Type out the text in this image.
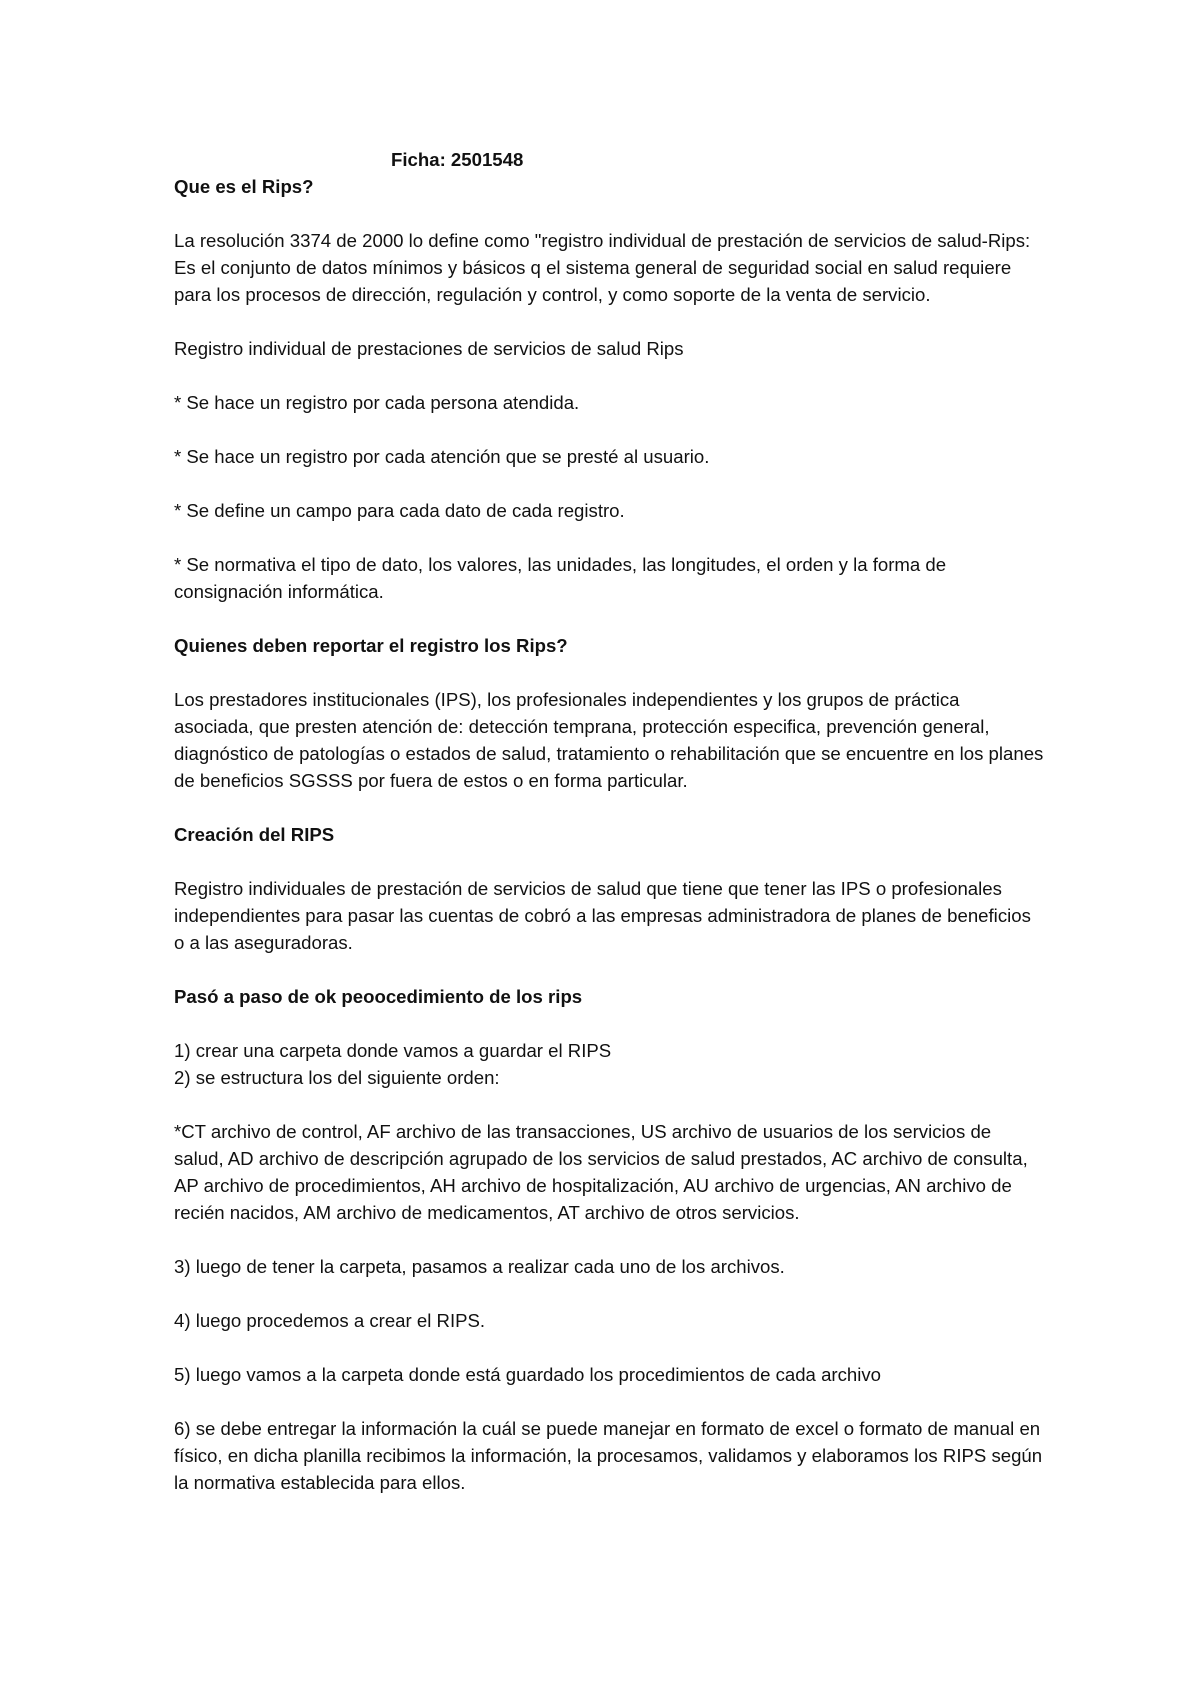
Ficha: 2501548

Que es el Rips?

La resolución 3374 de 2000 lo define como "registro individual de prestación de servicios de salud-Rips: Es el conjunto de datos mínimos y básicos q el sistema general de seguridad social en salud requiere para los procesos de dirección, regulación y control, y como soporte de la venta de servicio.

Registro individual de prestaciones de servicios de salud Rips

* Se hace un registro por cada persona atendida.

* Se hace un registro por cada atención que se presté al usuario.

* Se define un campo para cada dato de cada registro.

* Se normativa el tipo de dato, los valores, las unidades, las longitudes, el orden y la forma de consignación informática.

Quienes deben reportar el registro los Rips?

Los prestadores institucionales (IPS), los profesionales independientes y los grupos de práctica asociada, que presten atención de: detección temprana, protección especifica, prevención general, diagnóstico de patologías o estados de salud, tratamiento o rehabilitación que se encuentre en los planes de beneficios SGSSS por fuera de estos o en forma particular.

Creación del RIPS

Registro individuales de prestación de servicios de salud que tiene que tener las IPS o profesionales independientes para pasar las cuentas de cobró a las empresas administradora de planes de beneficios o a las aseguradoras.

Pasó a paso de ok peoocedimiento de los rips

1) crear una carpeta donde vamos a guardar el RIPS

2) se estructura los del siguiente orden:

*CT archivo de control, AF archivo de las transacciones, US archivo de usuarios de los servicios de salud, AD archivo de descripción agrupado de los servicios de salud prestados, AC archivo de consulta, AP archivo de procedimientos, AH archivo de hospitalización, AU archivo de urgencias, AN archivo de recién nacidos, AM archivo de medicamentos, AT archivo de otros servicios.

3) luego de tener la carpeta, pasamos a realizar cada uno de los archivos.

4) luego procedemos a crear el RIPS.

5) luego vamos a la carpeta donde está guardado los procedimientos de cada archivo

6) se debe entregar la información la cuál se puede manejar en formato de excel o formato de manual en físico, en dicha planilla recibimos la información, la procesamos, validamos y elaboramos los RIPS según la normativa establecida para ellos.
